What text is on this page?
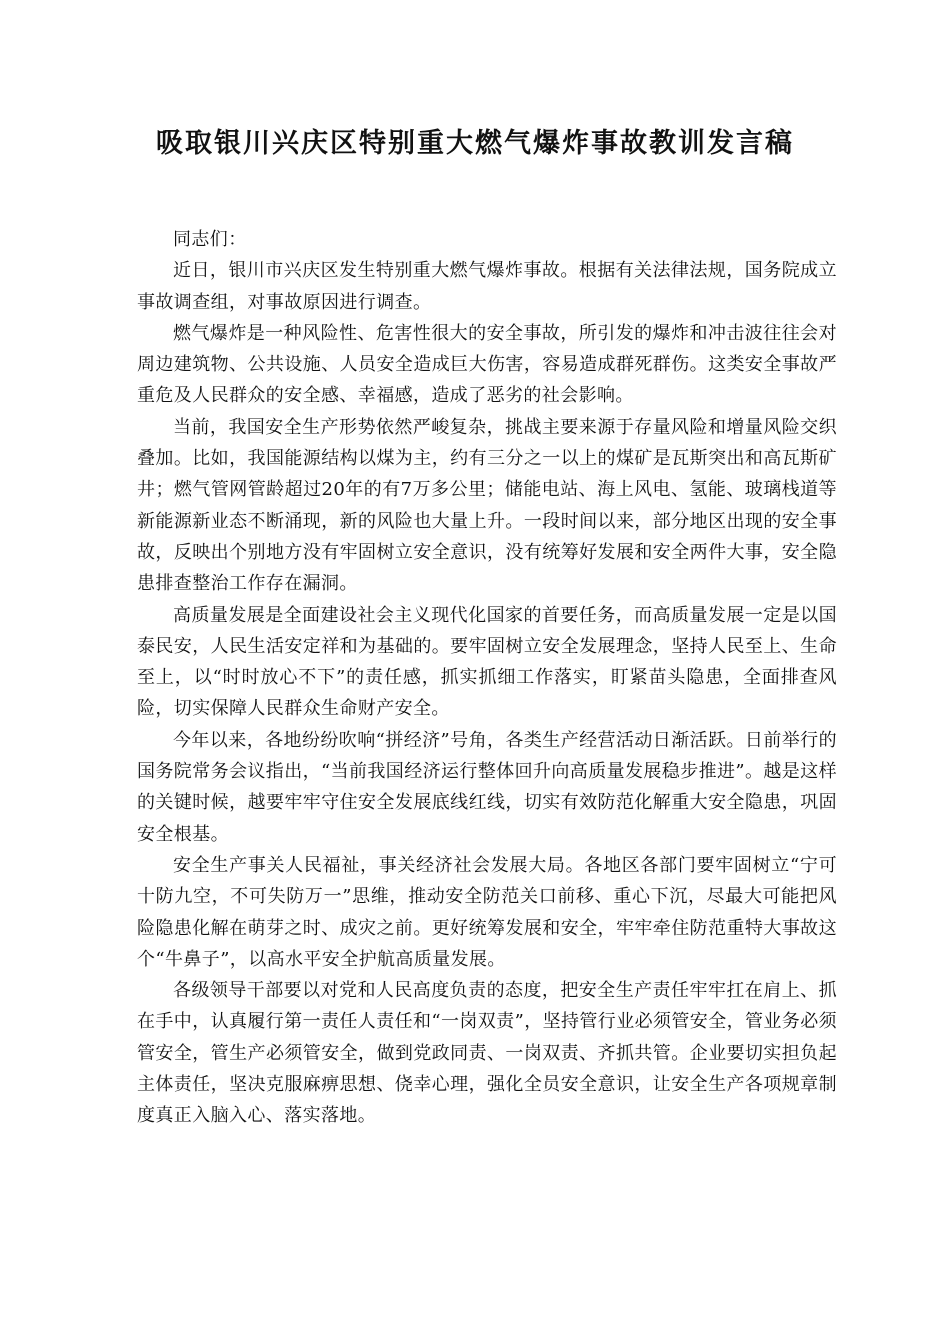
吸取银川兴庆区特别重大燃气爆炸事故教训发言稿

同志们：

近日，银川市兴庆区发生特别重大燃气爆炸事故。根据有关法律法规，国务院成立事故调查组，对事故原因进行调查。

燃气爆炸是一种风险性、危害性很大的安全事故，所引发的爆炸和冲击波往往会对周边建筑物、公共设施、人员安全造成巨大伤害，容易造成群死群伤。这类安全事故严重危及人民群众的安全感、幸福感，造成了恶劣的社会影响。

当前，我国安全生产形势依然严峻复杂，挑战主要来源于存量风险和增量风险交织叠加。比如，我国能源结构以煤为主，约有三分之一以上的煤矿是瓦斯突出和高瓦斯矿井；燃气管网管龄超过20年的有7万多公里；储能电站、海上风电、氢能、玻璃栈道等新能源新业态不断涌现，新的风险也大量上升。一段时间以来，部分地区出现的安全事故，反映出个别地方没有牢固树立安全意识，没有统筹好发展和安全两件大事，安全隐患排查整治工作存在漏洞。

高质量发展是全面建设社会主义现代化国家的首要任务，而高质量发展一定是以国泰民安，人民生活安定祥和为基础的。要牢固树立安全发展理念，坚持人民至上、生命至上，以“时时放心不下”的责任感，抓实抓细工作落实，盯紧苗头隐患，全面排查风险，切实保障人民群众生命财产安全。

今年以来，各地纷纷吹响“拼经济”号角，各类生产经营活动日渐活跃。日前举行的国务院常务会议指出，“当前我国经济运行整体回升向高质量发展稳步推进”。越是这样的关键时候，越要牢牢守住安全发展底线红线，切实有效防范化解重大安全隐患，巩固安全根基。

安全生产事关人民福祉，事关经济社会发展大局。各地区各部门要牢固树立“宁可十防九空，不可失防万一”思维，推动安全防范关口前移、重心下沉，尽最大可能把风险隐患化解在萌芽之时、成灾之前。更好统筹发展和安全，牢牢牵住防范重特大事故这个“牛鼻子”，以高水平安全护航高质量发展。

各级领导干部要以对党和人民高度负责的态度，把安全生产责任牢牢扛在肩上、抓在手中，认真履行第一责任人责任和“一岗双责”，坚持管行业必须管安全，管业务必须管安全，管生产必须管安全，做到党政同责、一岗双责、齐抓共管。企业要切实担负起主体责任，坚决克服麻痹思想、侥幸心理，强化全员安全意识，让安全生产各项规章制度真正入脑入心、落实落地。
